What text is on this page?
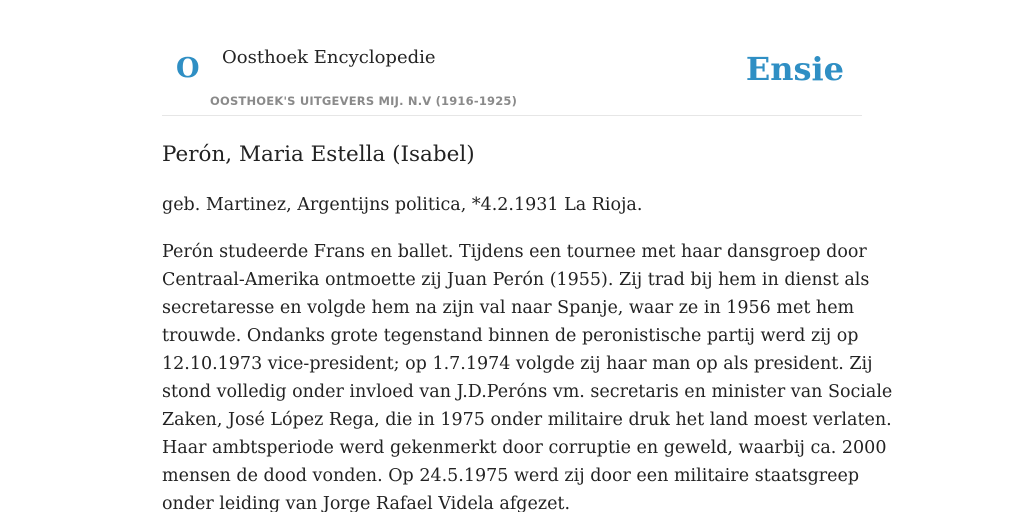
O Oosthoek Encyclopedie
OOSTHOEK'S UITGEVERS MIJ. N.V (1916-1925)
Ensie
Perón, Maria Estella (Isabel)

geb. Martinez, Argentijns politica, *4.2.1931 La Rioja.

Perón studeerde Frans en ballet. Tijdens een tournee met haar dansgroep door
Centraal-Amerika ontmoette zij Juan Perón (1955). Zij trad bij hem in dienst als
secretaresse en volgde hem na zijn val naar Spanje, waar ze in 1956 met hem
trouwde. Ondanks grote tegenstand binnen de peronistische partij werd zij op
12.10.1973 vice-president; op 1.7.1974 volgde zij haar man op als president. Zij
stond volledig onder invloed van J.D.Peróns vm. secretaris en minister van Sociale
Zaken, José López Rega, die in 1975 onder militaire druk het land moest verlaten.
Haar ambtsperiode werd gekenmerkt door corruptie en geweld, waarbij ca. 2000
mensen de dood vonden. Op 24.5.1975 werd zij door een militaire staatsgreep
onder leiding van Jorge Rafael Videla afgezet.
